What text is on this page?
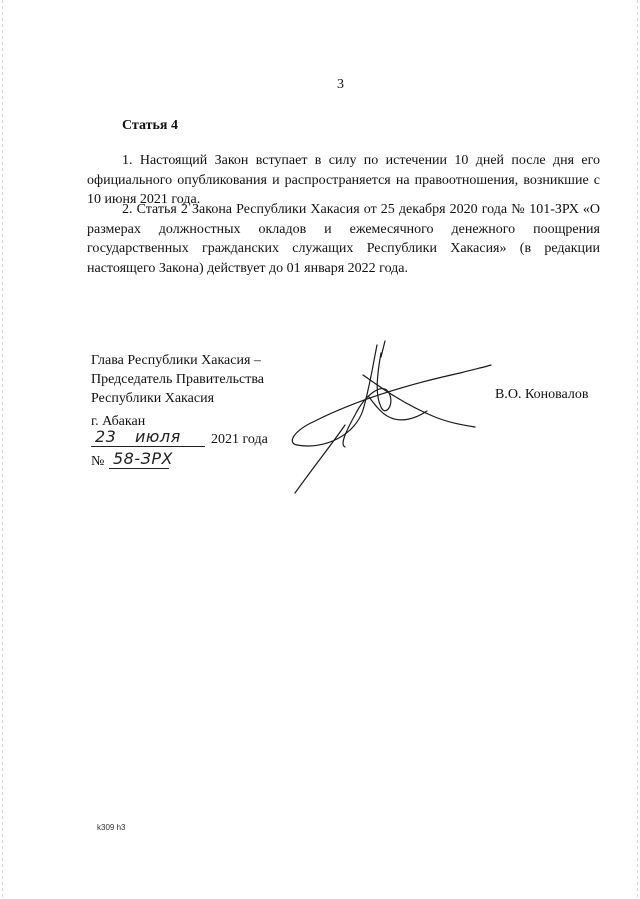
3
Статья 4

1. Настоящий Закон вступает в силу по истечении 10 дней после дня его официального опубликования и распространяется на правоотношения, возникшие с 10 июня 2021 года.

2. Статья 2 Закона Республики Хакасия от 25 декабря 2020 года № 101-ЗРХ «О размерах должностных окладов и ежемесячного денежного поощрения государственных гражданских служащих Республики Хакасия» (в редакции настоящего Закона) действует до 01 января 2022 года.

Глава Республики Хакасия –
Председатель Правительства
Республики Хакасия	В.О. Коновалов
г. Абакан
23 июля 2021 года
№ 58-ЗРХ
k309 h3
